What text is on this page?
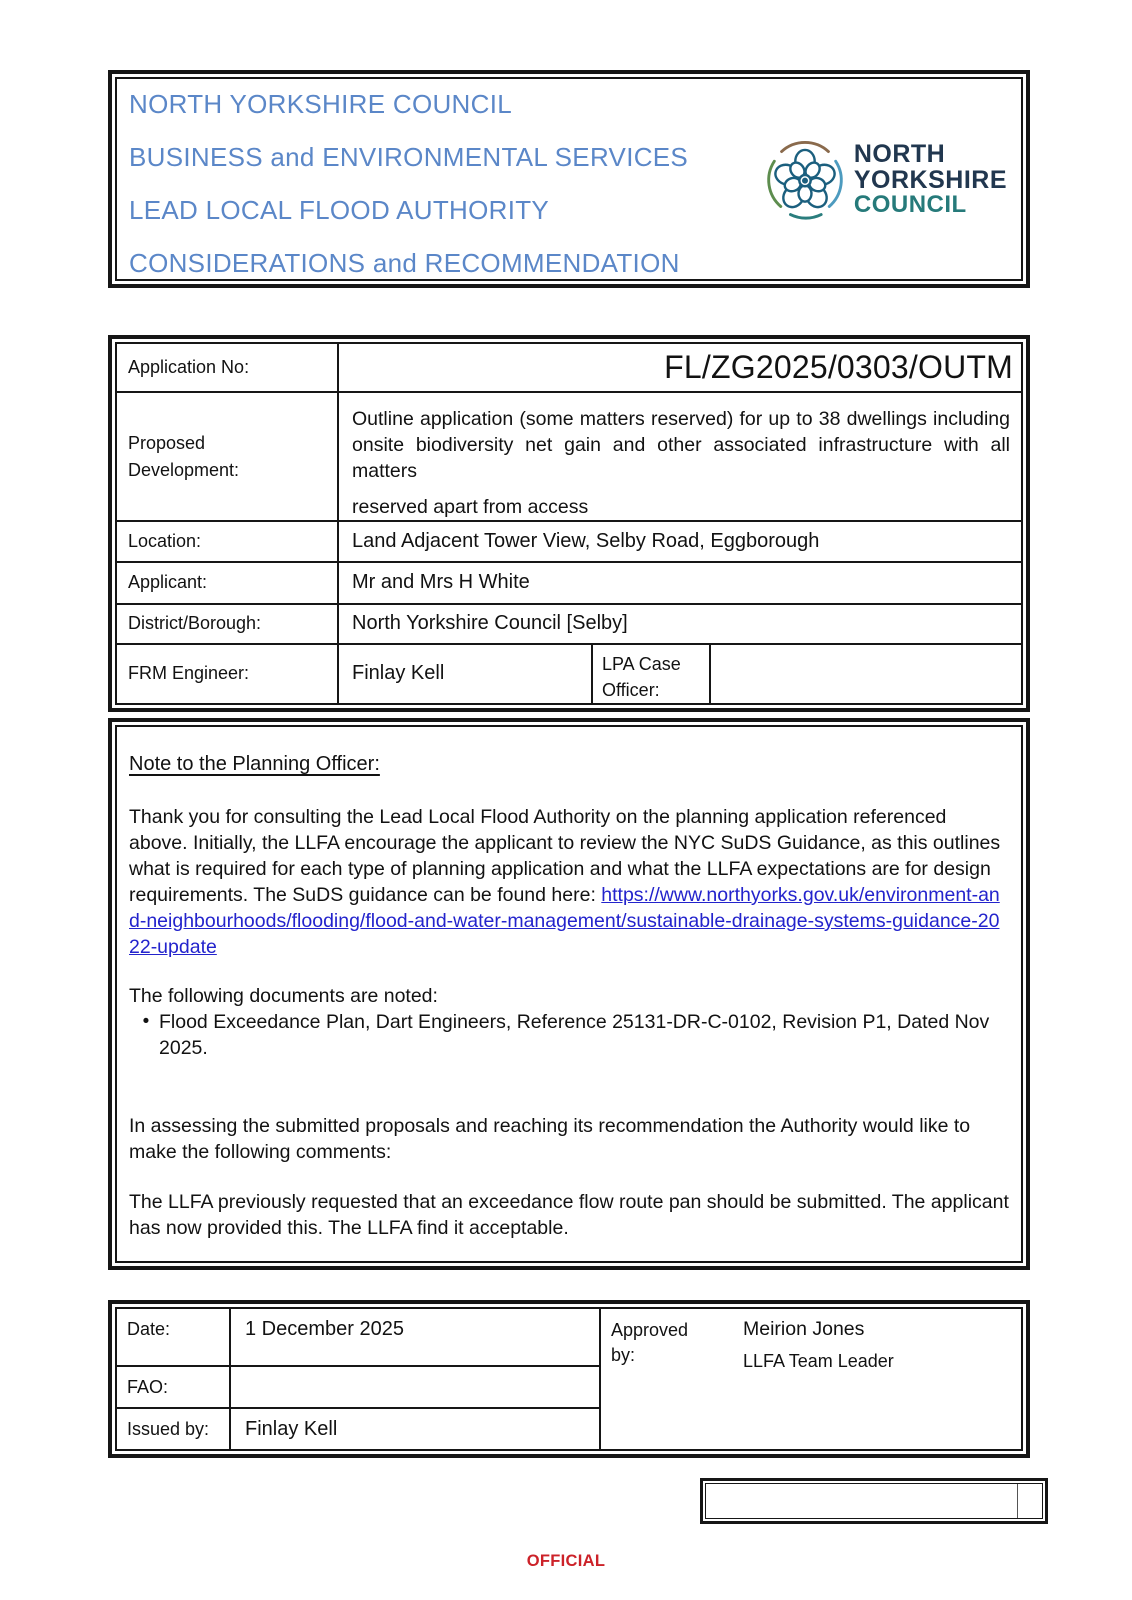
NORTH YORKSHIRE COUNCIL
BUSINESS and ENVIRONMENTAL SERVICES
LEAD LOCAL FLOOD AUTHORITY
CONSIDERATIONS and RECOMMENDATION
NORTH
YORKSHIRE
COUNCIL
Application No:	FL/ZG2025/0303/OUTM
Proposed Development:

Outline application (some matters reserved) for up to 38 dwellings including onsite biodiversity net gain and other associated infrastructure with all matters

reserved apart from access

Location:	Land Adjacent Tower View, Selby Road, Eggborough
Applicant:	Mr and Mrs H White
District/Borough:	North Yorkshire Council [Selby]
FRM Engineer:	Finlay Kell	LPA Case Officer:
Note to the Planning Officer:

Thank you for consulting the Lead Local Flood Authority on the planning application referenced above. Initially, the LLFA encourage the applicant to review the NYC SuDS Guidance, as this outlines what is required for each type of planning application and what the LLFA expectations are for design requirements. The SuDS guidance can be found here: https://www.northyorks.gov.uk/environment-and-neighbourhoods/flooding/flood-and-water-management/sustainable-drainage-systems-guidance-2022-update

The following documents are noted:

• Flood Exceedance Plan, Dart Engineers, Reference 25131-DR-C-0102, Revision P1, Dated Nov 2025.

In assessing the submitted proposals and reaching its recommendation the Authority would like to make the following comments:

The LLFA previously requested that an exceedance flow route pan should be submitted. The applicant has now provided this. The LLFA find it acceptable.

Date:	1 December 2025
FAO:
Issued by:	Finlay Kell
Approved by:
Meirion Jones
LLFA Team Leader
OFFICIAL
